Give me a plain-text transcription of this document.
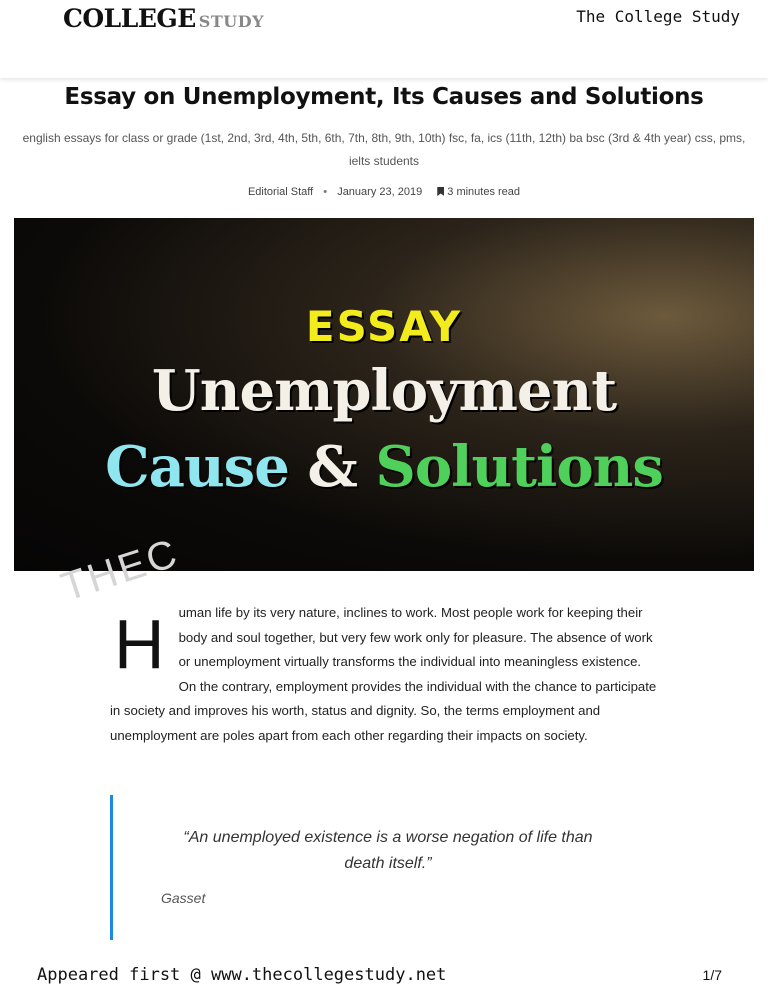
COLLEGE STUDY	The College Study
Essay on Unemployment, Its Causes and Solutions
english essays for class or grade (1st, 2nd, 3rd, 4th, 5th, 6th, 7th, 8th, 9th, 10th) fsc, fa, ics (11th, 12th) ba bsc (3rd & 4th year) css, pms, ielts students
Editorial Staff • January 23, 2019 3 minutes read
ESSAY
Unemployment
Cause & Solutions
THEC
H uman life by its very nature, inclines to work. Most people work for keeping their body and soul together, but very few work only for pleasure. The absence of work or unemployment virtually transforms the individual into meaningless existence. On the contrary, employment provides the individual with the chance to participate in society and improves his worth, status and dignity. So, the terms employment and unemployment are poles apart from each other regarding their impacts on society.
“An unemployed existence is a worse negation of life than death itself.”
Gasset
Appeared first @ www.thecollegestudy.net	1/7
